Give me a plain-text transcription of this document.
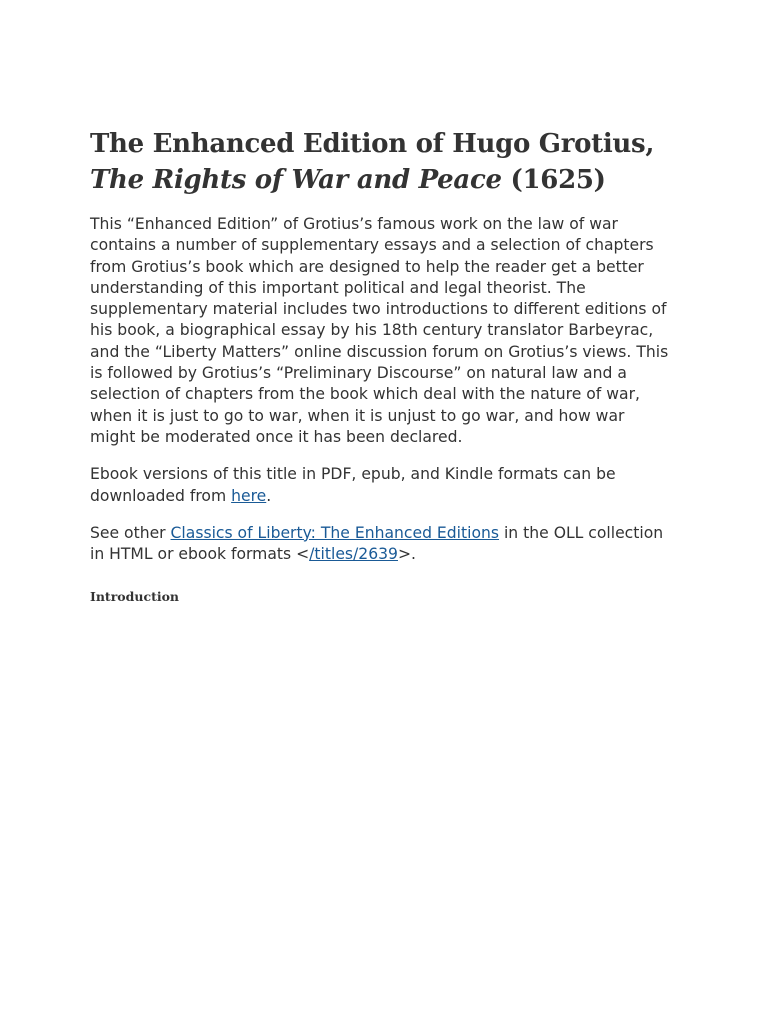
The Enhanced Edition of Hugo Grotius, The Rights of War and Peace (1625)

This “Enhanced Edition” of Grotius’s famous work on the law of war contains a number of supplementary essays and a selection of chapters from Grotius’s book which are designed to help the reader get a better understanding of this important political and legal theorist. The supplementary material includes two introductions to different editions of his book, a biographical essay by his 18th century translator Barbeyrac, and the “Liberty Matters” online discussion forum on Grotius’s views. This is followed by Grotius’s “Preliminary Discourse” on natural law and a selection of chapters from the book which deal with the nature of war, when it is just to go to war, when it is unjust to go war, and how war might be moderated once it has been declared.

Ebook versions of this title in PDF, epub, and Kindle formats can be downloaded from here.

See other Classics of Liberty: The Enhanced Editions in the OLL collection in HTML or ebook formats </titles/2639>.

Introduction
